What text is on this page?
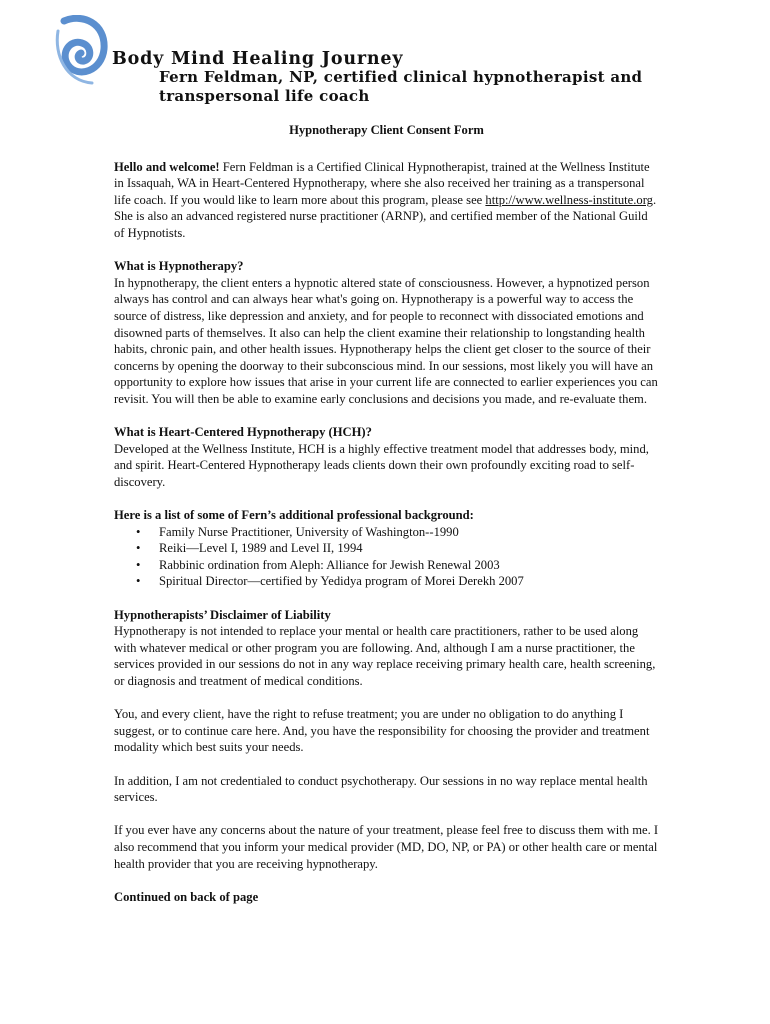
Body Mind Healing Journey
Fern Feldman, NP, certified clinical hypnotherapist and transpersonal life coach
Hypnotherapy Client Consent Form

Hello and welcome! Fern Feldman is a Certified Clinical Hypnotherapist, trained at the Wellness Institute in Issaquah, WA in Heart-Centered Hypnotherapy, where she also received her training as a transpersonal life coach. If you would like to learn more about this program, please see http://www.wellness-institute.org. She is also an advanced registered nurse practitioner (ARNP), and certified member of the National Guild of Hypnotists.

What is Hypnotherapy?

In hypnotherapy, the client enters a hypnotic altered state of consciousness. However, a hypnotized person always has control and can always hear what's going on. Hypnotherapy is a powerful way to access the source of distress, like depression and anxiety, and for people to reconnect with dissociated emotions and disowned parts of themselves. It also can help the client examine their relationship to longstanding health habits, chronic pain, and other health issues. Hypnotherapy helps the client get closer to the source of their concerns by opening the doorway to their subconscious mind. In our sessions, most likely you will have an opportunity to explore how issues that arise in your current life are connected to earlier experiences you can revisit. You will then be able to examine early conclusions and decisions you made, and re-evaluate them.

What is Heart-Centered Hypnotherapy (HCH)?

Developed at the Wellness Institute, HCH is a highly effective treatment model that addresses body, mind, and spirit. Heart-Centered Hypnotherapy leads clients down their own profoundly exciting road to self-discovery.

Here is a list of some of Fern’s additional professional background:
• Family Nurse Practitioner, University of Washington--1990
• Reiki—Level I, 1989 and Level II, 1994
• Rabbinic ordination from Aleph: Alliance for Jewish Renewal 2003
• Spiritual Director—certified by Yedidya program of Morei Derekh 2007
Hypnotherapists’ Disclaimer of Liability

Hypnotherapy is not intended to replace your mental or health care practitioners, rather to be used along with whatever medical or other program you are following. And, although I am a nurse practitioner, the services provided in our sessions do not in any way replace receiving primary health care, health screening, or diagnosis and treatment of medical conditions.

You, and every client, have the right to refuse treatment; you are under no obligation to do anything I suggest, or to continue care here. And, you have the responsibility for choosing the provider and treatment modality which best suits your needs.

In addition, I am not credentialed to conduct psychotherapy. Our sessions in no way replace mental health services.

If you ever have any concerns about the nature of your treatment, please feel free to discuss them with me. I also recommend that you inform your medical provider (MD, DO, NP, or PA) or other health care or mental health provider that you are receiving hypnotherapy.

Continued on back of page
